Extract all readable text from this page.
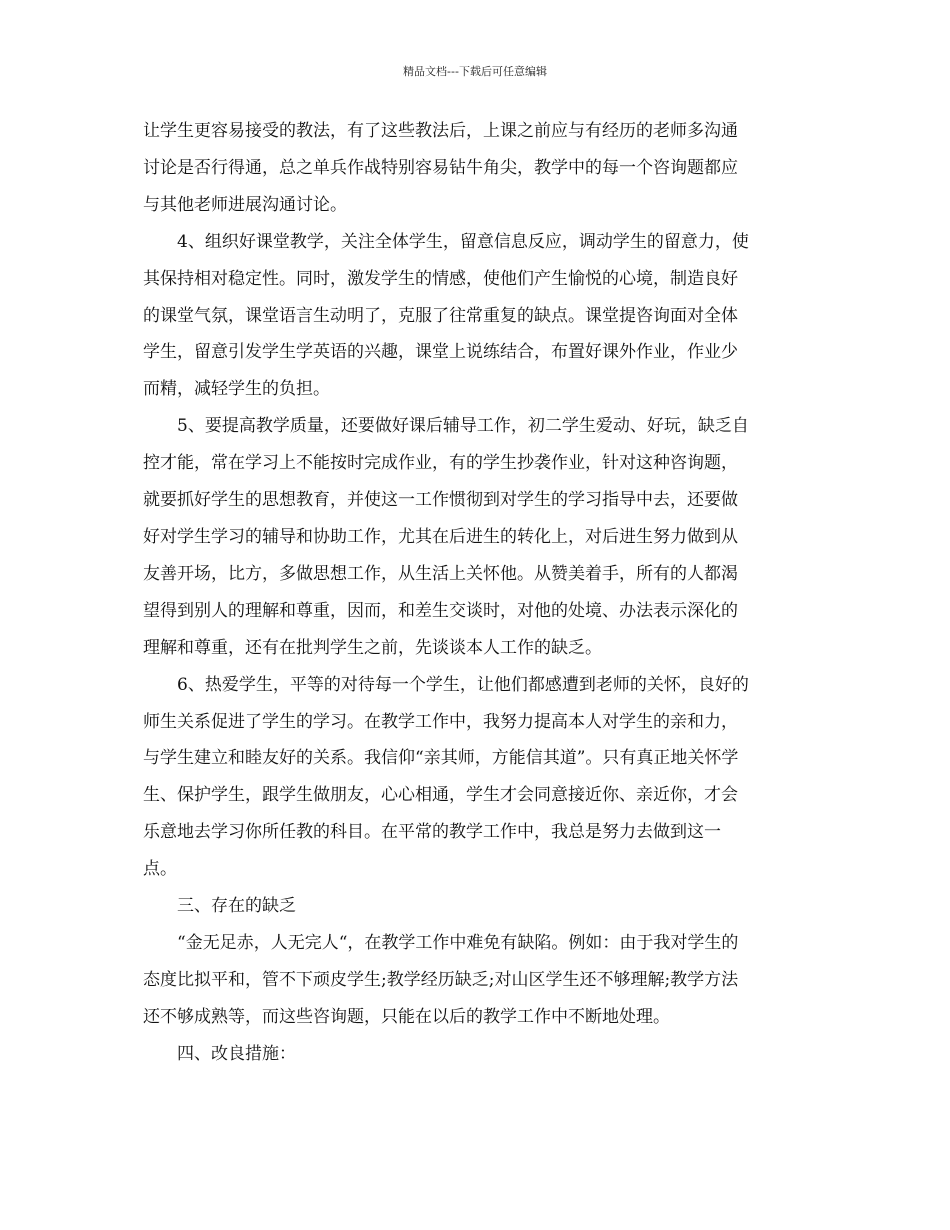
精品文档---下载后可任意编辑

让学生更容易接受的教法，有了这些教法后，上课之前应与有经历的老师多沟通
讨论是否行得通，总之单兵作战特别容易钻牛角尖，教学中的每一个咨询题都应
与其他老师进展沟通讨论。

4、组织好课堂教学，关注全体学生，留意信息反应，调动学生的留意力，使
其保持相对稳定性。同时，激发学生的情感，使他们产生愉悦的心境，制造良好
的课堂气氛，课堂语言生动明了，克服了往常重复的缺点。课堂提咨询面对全体
学生，留意引发学生学英语的兴趣，课堂上说练结合，布置好课外作业，作业少
而精，减轻学生的负担。

5、要提高教学质量，还要做好课后辅导工作，初二学生爱动、好玩，缺乏自
控才能，常在学习上不能按时完成作业，有的学生抄袭作业，针对这种咨询题，
就要抓好学生的思想教育，并使这一工作惯彻到对学生的学习指导中去，还要做
好对学生学习的辅导和协助工作，尤其在后进生的转化上，对后进生努力做到从
友善开场，比方，多做思想工作，从生活上关怀他。从赞美着手，所有的人都渴
望得到别人的理解和尊重，因而，和差生交谈时，对他的处境、办法表示深化的
理解和尊重，还有在批判学生之前，先谈谈本人工作的缺乏。

6、热爱学生，平等的对待每一个学生，让他们都感遭到老师的关怀，良好的
师生关系促进了学生的学习。在教学工作中，我努力提高本人对学生的亲和力，
与学生建立和睦友好的关系。我信仰“亲其师，方能信其道”。只有真正地关怀学
生、保护学生，跟学生做朋友，心心相通，学生才会同意接近你、亲近你，才会
乐意地去学习你所任教的科目。在平常的教学工作中，我总是努力去做到这一
点。

三、存在的缺乏

“金无足赤，人无完人“，在教学工作中难免有缺陷。例如：由于我对学生的
态度比拟平和，管不下顽皮学生;教学经历缺乏;对山区学生还不够理解;教学方法
还不够成熟等，而这些咨询题，只能在以后的教学工作中不断地处理。

四、改良措施：
